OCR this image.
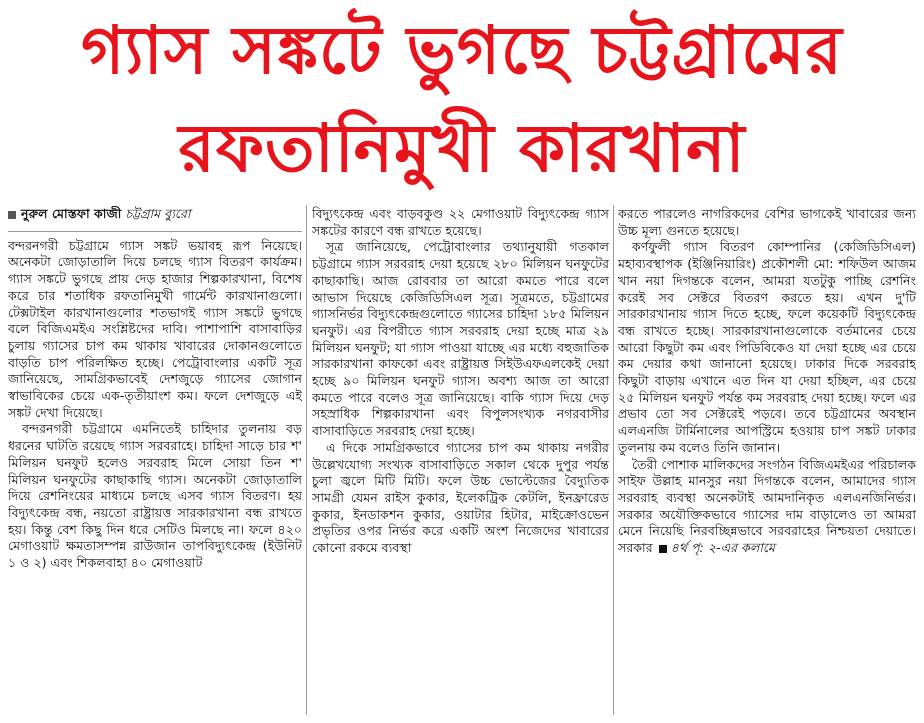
গ্যাস সঙ্কটে ভুগছে চট্টগ্রামের
রফতানিমুখী কারখানা
নুরুল মোস্তফা কাজী চট্টগ্রাম ব্যুরো

বন্দরনগরী চট্টগ্রামে গ্যাস সঙ্কট ভয়াবহ রূপ নিয়েছে। অনেকটা জোড়াতালি দিয়ে চলছে গ্যাস বিতরণ কার্যক্রম। গ্যাস সঙ্কটে ভুগছে প্রায় দেড় হাজার শিল্পকারখানা, বিশেষ করে চার শতাধিক রফতানিমুখী গার্মেন্ট কারখানাগুলো। টেক্সটাইল কারখানাগুলোর শতভাগই গ্যাস সঙ্কটে ভুগছে বলে বিজিএমইএ সংশ্লিষ্টদের দাবি। পাশাপাশি বাসাবাড়ির চুলায় গ্যাসের চাপ কম থাকায় খাবারের দোকানগুলোতে বাড়তি চাপ পরিলক্ষিত হচ্ছে। পেট্রোবাংলার একটি সূত্র জানিয়েছে, সামগ্রিকভাবেই দেশজুড়ে গ্যাসের জোগান স্বাভাবিকের চেয়ে এক-তৃতীয়াংশ কম। ফলে দেশজুড়ে এই সঙ্কট দেখা দিয়েছে।

বন্দরনগরী চট্টগ্রামে এমনিতেই চাহিদার তুলনায় বড় ধরনের ঘাটতি রয়েছে গ্যাস সরবরাহে। চাহিদা সাড়ে চার শ' মিলিয়ন ঘনফুট হলেও সরবরাহ মিলে সোয়া তিন শ' মিলিয়ন ঘনফুটের কাছাকাছি গ্যাস। অনেকটা জোড়াতালি দিয়ে রেশনিংয়ের মাধ্যমে চলছে এসব গ্যাস বিতরণ। হয় বিদ্যুৎকেন্দ্র বন্ধ, নয়তো রাষ্ট্রায়ত্ত সারকারখানা বন্ধ রাখতে হয়। কিন্তু বেশ কিছু দিন ধরে সেটিও মিলছে না। ফলে ৪২০ মেগাওয়াট ক্ষমতাসম্পন্ন রাউজান তাপবিদ্যুৎকেন্দ্র (ইউনিট ১ ও ২) এবং শিকলবাহা ৪০ মেগাওয়াট

বিদ্যুৎকেন্দ্র এবং বাড়বকুণ্ড ২২ মেগাওয়াট বিদ্যুৎকেন্দ্র গ্যাস সঙ্কটের কারণে বন্ধ রাখতে হয়েছে।

সূত্র জানিয়েছে, পেট্রোবাংলার তথ্যানুযায়ী গতকাল চট্টগ্রামে গ্যাস সরবরাহ দেয়া হয়েছে ২৮০ মিলিয়ন ঘনফুটের কাছাকাছি। আজ রোববার তা আরো কমতে পারে বলে আভাস দিয়েছে কেজিডিসিএল সূত্র। সূত্রমতে, চট্টগ্রামের গ্যাসনির্ভর বিদ্যুৎকেন্দ্রগুলোতে গ্যাসের চাহিদা ১৮৫ মিলিয়ন ঘনফুট। এর বিপরীতে গ্যাস সরবরাহ দেয়া হচ্ছে মাত্র ২৯ মিলিয়ন ঘনফুট; যা গ্যাস পাওয়া যাচ্ছে এর মধ্যে বহুজাতিক সারকারখানা কাফকো এবং রাষ্ট্রায়ত্ত সিইউএফএলকেই দেয়া হচ্ছে ৯০ মিলিয়ন ঘনফুট গ্যাস। অবশ্য আজ তা আরো কমতে পারে বলেও সূত্র জানিয়েছে। বাকি গ্যাস দিয়ে দেড় সহস্রাধিক শিল্পকারখানা এবং বিপুলসংখ্যক নগরবাসীর বাসাবাড়িতে সরবরাহ দেয়া হচ্ছে।

এ দিকে সামগ্রিকভাবে গ্যাসের চাপ কম থাকায় নগরীর উল্লেখযোগ্য সংখ্যক বাসাবাড়িতে সকাল থেকে দুপুর পর্যন্ত চুলা জ্বলে মিটি মিটি। ফলে উচ্চ ভোল্টেজের বৈদ্যুতিক সামগ্রী যেমন রাইস কুকার, ইলেকট্রিক কেটলি, ইনফ্রারেড কুকার, ইনডাকশন কুকার, ওয়াটার হিটার, মাইক্রোওভেন প্রভৃতির ওপর নির্ভর করে একটি অংশ নিজেদের খাবারের কোনো রকমে ব্যবস্থা

করতে পারলেও নাগরিকদের বেশির ভাগকেই খাবারের জন্য উচ্চ মূল্য গুনতে হয়েছে।

কর্ণফুলী গ্যাস বিতরণ কোম্পানির (কেজিডিসিএল) মহাব্যবস্থাপক (ইঞ্জিনিয়ারিং) প্রকৌশলী মো: শফিউল আজম খান নয়া দিগন্তকে বলেন, আমরা যতটুকু পাচ্ছি রেশনিং করেই সব সেক্টরে বিতরণ করতে হয়। এখন দু'টি সারকারখানায় গ্যাস দিতে হচ্ছে, ফলে কয়েকটি বিদ্যুৎকেন্দ্র বন্ধ রাখতে হচ্ছে। সারকারখানাগুলোকে বর্তমানের চেয়ে আরো কিছুটা কম এবং পিডিবিকেও যা দেয়া হচ্ছে এর চেয়ে কম দেয়ার কথা জানানো হয়েছে। ঢাকার দিকে সরবরাহ কিছুটা বাড়ায় এখানে এত দিন যা দেয়া হচ্ছিল, এর চেয়ে ২৫ মিলিয়ন ঘনফুট পর্যন্ত কম সরবরাহ দেয়া হচ্ছে। ফলে এর প্রভাব তো সব সেক্টরেই পড়বে। তবে চট্টগ্রামের অবস্থান এলএনজি টার্মিনালের আপস্ট্রিমে হওয়ায় চাপ সঙ্কট ঢাকার তুলনায় কম বলেও তিনি জানান।

তৈরী পোশাক মালিকদের সংগঠন বিজিএমইএর পরিচালক সাইফ উল্লাহ মানসুর নয়া দিগন্তকে বলেন, আমাদের গ্যাস সরবরাহ ব্যবস্থা অনেকটাই আমদানিকৃত এলএনজিনির্ভর। সরকার অযৌক্তিকভাবে গ্যাসের দাম বাড়ালেও তা আমরা মেনে নিয়েছি নিরবচ্ছিন্নভাবে সরবরাহের নিশ্চয়তা দেয়াতে। সরকার ৪র্থ পৃ: ২-এর কলামে
